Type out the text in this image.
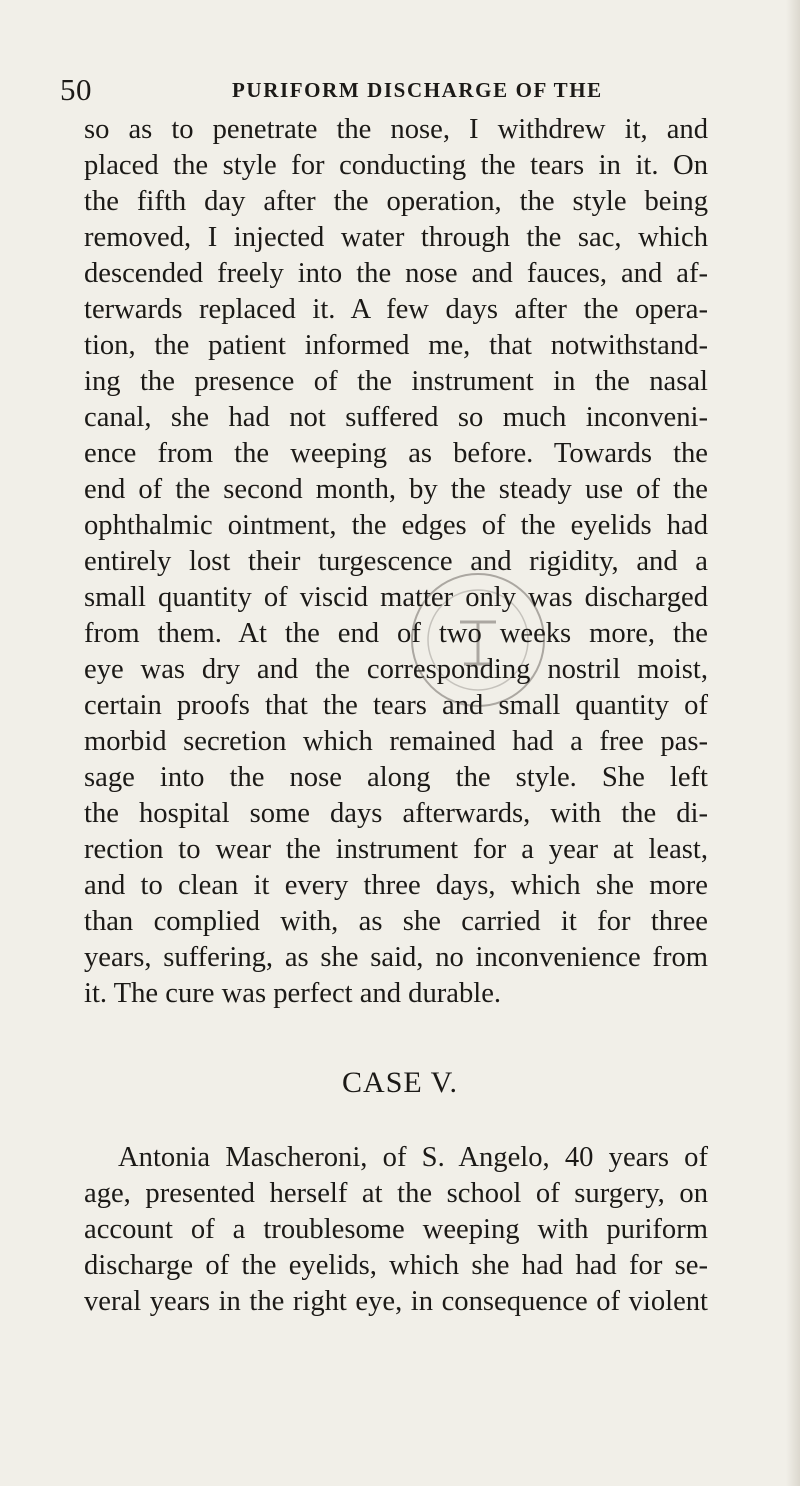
50	PURIFORM DISCHARGE OF THE
so as to penetrate the nose, I withdrew it, and
placed the style for conducting the tears in it. On
the fifth day after the operation, the style being
removed, I injected water through the sac, which
descended freely into the nose and fauces, and af-
terwards replaced it. A few days after the opera-
tion, the patient informed me, that notwithstand-
ing the presence of the instrument in the nasal
canal, she had not suffered so much inconveni-
ence from the weeping as before. Towards the
end of the second month, by the steady use of the
ophthalmic ointment, the edges of the eyelids had
entirely lost their turgescence and rigidity, and a
small quantity of viscid matter only was discharged
from them. At the end of two weeks more, the
eye was dry and the corresponding nostril moist,
certain proofs that the tears and small quantity of
morbid secretion which remained had a free pas-
sage into the nose along the style. She left
the hospital some days afterwards, with the di-
rection to wear the instrument for a year at least,
and to clean it every three days, which she more
than complied with, as she carried it for three
years, suffering, as she said, no inconvenience from
it. The cure was perfect and durable.
CASE V.
Antonia Mascheroni, of S. Angelo, 40 years of
age, presented herself at the school of surgery, on
account of a troublesome weeping with puriform
discharge of the eyelids, which she had had for se-
veral years in the right eye, in consequence of violent
